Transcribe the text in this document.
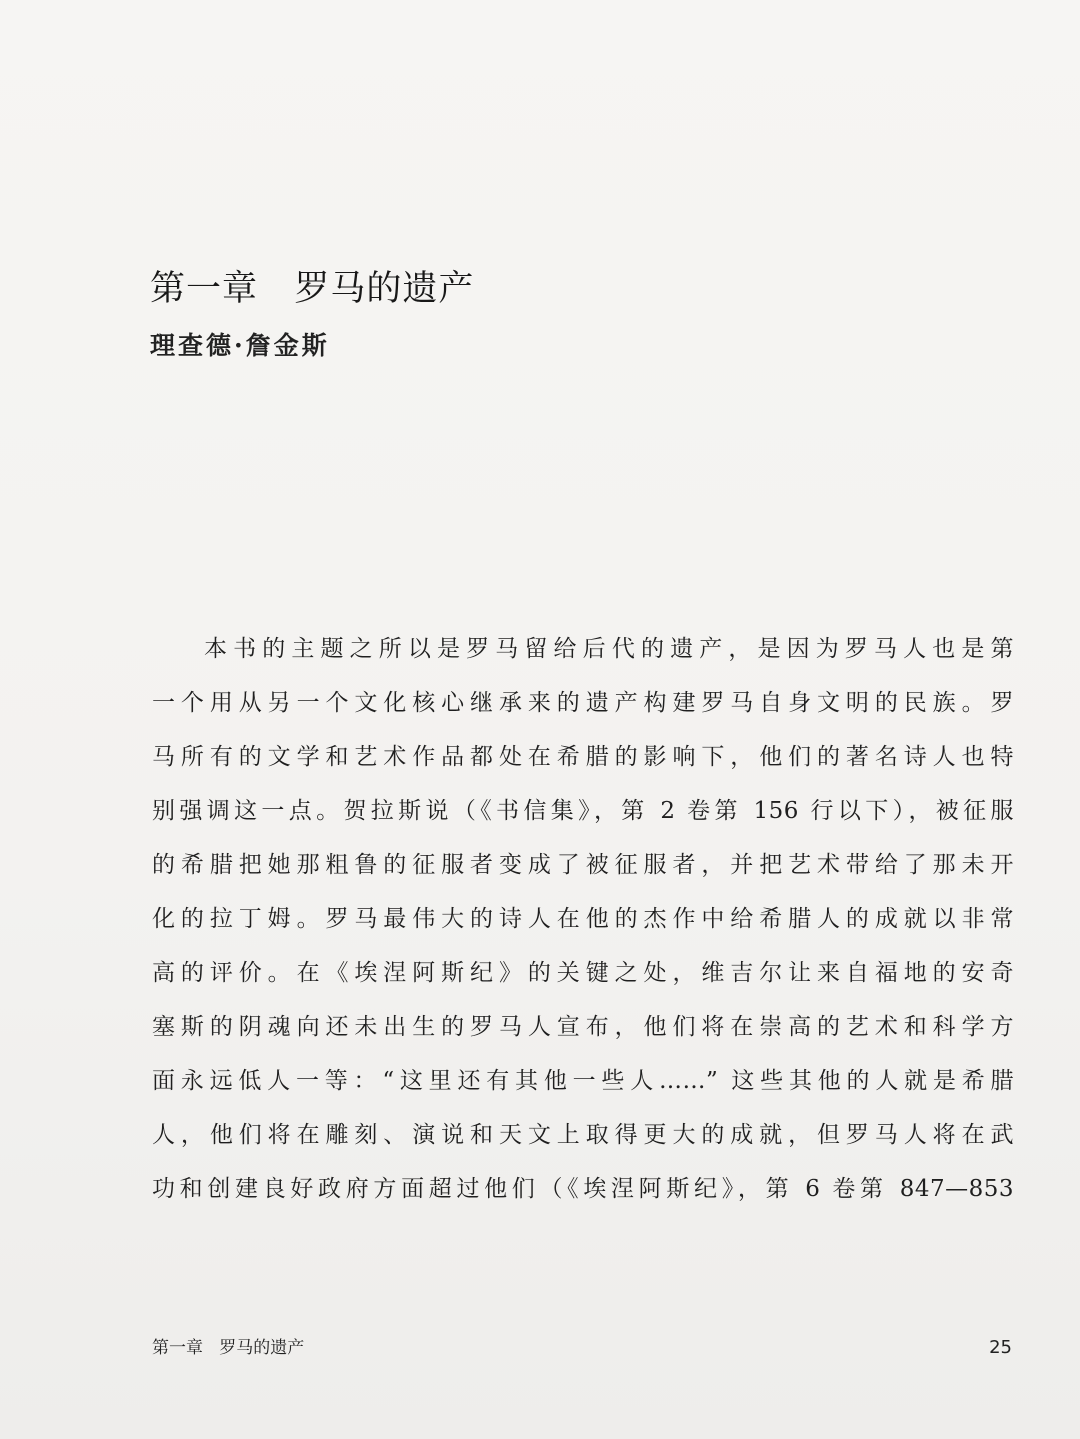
第一章   罗马的遗产
理查德·詹金斯
本书的主题之所以是罗马留给后代的遗产，是因为罗马人也是第
一个用从另一个文化核心继承来的遗产构建罗马自身文明的民族。罗
马所有的文学和艺术作品都处在希腊的影响下，他们的著名诗人也特
别强调这一点。贺拉斯说（《书信集》，第 2 卷第 156 行以下），被征服
的希腊把她那粗鲁的征服者变成了被征服者，并把艺术带给了那未开
化的拉丁姆。罗马最伟大的诗人在他的杰作中给希腊人的成就以非常
高的评价。在《埃涅阿斯纪》的关键之处，维吉尔让来自福地的安奇
塞斯的阴魂向还未出生的罗马人宣布，他们将在崇高的艺术和科学方
面永远低人一等：“这里还有其他一些人……” 这些其他的人就是希腊
人，他们将在雕刻、演说和天文上取得更大的成就，但罗马人将在武
功和创建良好政府方面超过他们（《埃涅阿斯纪》，第 6 卷第 847—853
第一章   罗马的遗产	25
